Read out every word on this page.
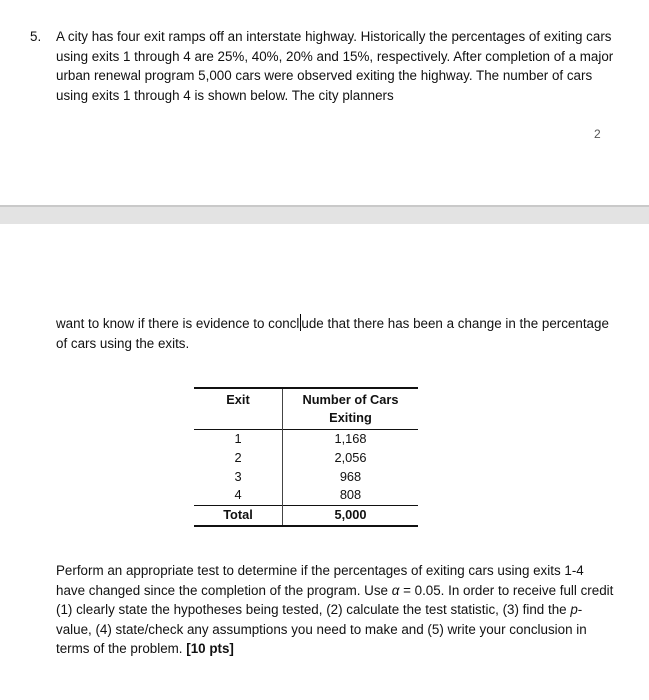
5. A city has four exit ramps off an interstate highway. Historically the percentages of exiting cars using exits 1 through 4 are 25%, 40%, 20% and 15%, respectively. After completion of a major urban renewal program 5,000 cars were observed exiting the highway. The number of cars using exits 1 through 4 is shown below. The city planners
2
want to know if there is evidence to concl ude that there has been a change in the percentage of cars using the exits.
Exit	Number of Cars
Exiting
1	1,168
2	2,056
3	968
4	808
Total	5,000
Perform an appropriate test to determine if the percentages of exiting cars using exits 1-4 have changed since the completion of the program. Use α = 0.05. In order to receive full credit (1) clearly state the hypotheses being tested, (2) calculate the test statistic, (3) find the p-value, (4) state/check any assumptions you need to make and (5) write your conclusion in terms of the problem. [10 pts]
